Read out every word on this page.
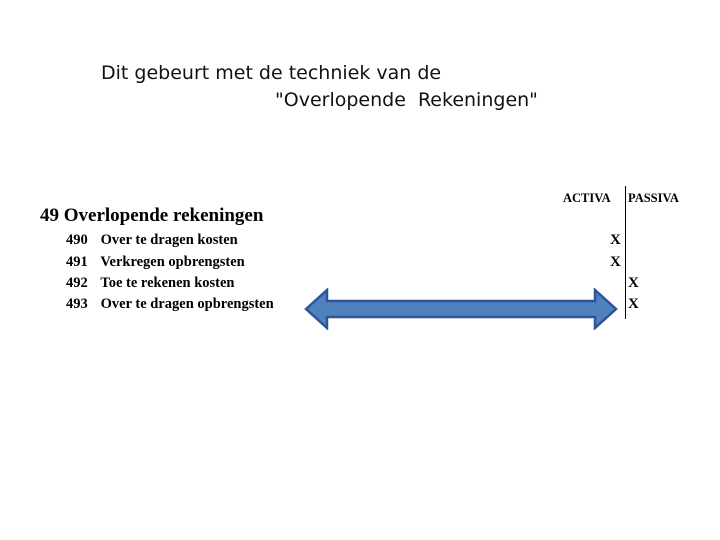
Dit gebeurt met de techniek van de
"Overlopende  Rekeningen"
49 Overlopende rekeningen
490 Over te dragen kosten
491 Verkregen opbrengsten
492 Toe te rekenen kosten
493 Over te dragen opbrengsten
ACTIVA PASSIVA
X
X
X
X
